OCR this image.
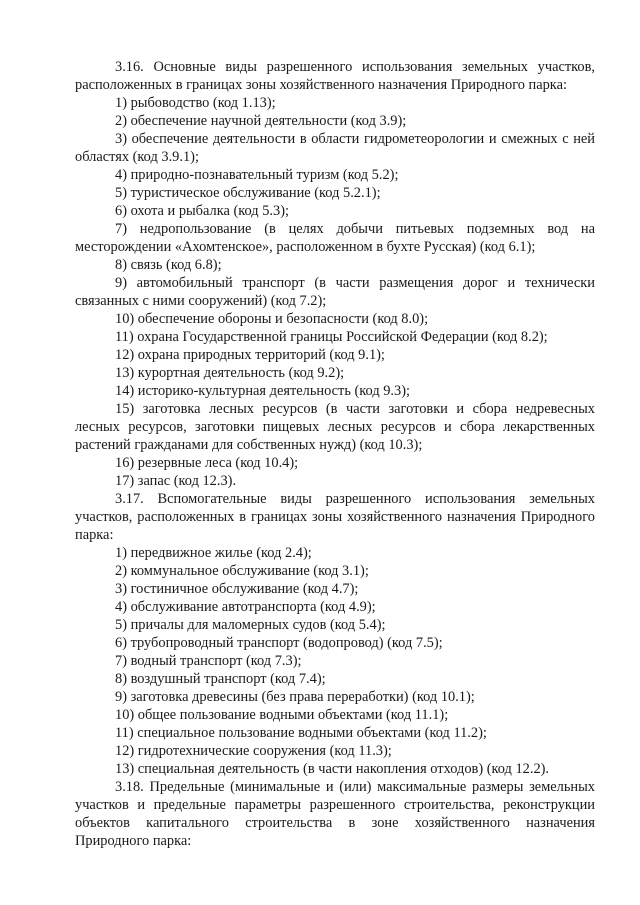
3.16. Основные виды разрешенного использования земельных участков, расположенных в границах зоны хозяйственного назначения Природного парка:

1) рыбоводство (код 1.13);

2) обеспечение научной деятельности (код 3.9);

3) обеспечение деятельности в области гидрометеорологии и смежных с ней областях (код 3.9.1);

4) природно-познавательный туризм (код 5.2);

5) туристическое обслуживание (код 5.2.1);

6) охота и рыбалка (код 5.3);

7) недропользование (в целях добычи питьевых подземных вод на месторождении «Ахомтенское», расположенном в бухте Русская) (код 6.1);

8) связь (код 6.8);

9) автомобильный транспорт (в части размещения дорог и технически связанных с ними сооружений) (код 7.2);

10) обеспечение обороны и безопасности (код 8.0);

11) охрана Государственной границы Российской Федерации (код 8.2);

12) охрана природных территорий (код 9.1);

13) курортная деятельность (код 9.2);

14) историко-культурная деятельность (код 9.3);

15) заготовка лесных ресурсов (в части заготовки и сбора недревесных лесных ресурсов, заготовки пищевых лесных ресурсов и сбора лекарственных растений гражданами для собственных нужд) (код 10.3);

16) резервные леса (код 10.4);

17) запас (код 12.3).

3.17. Вспомогательные виды разрешенного использования земельных участков, расположенных в границах зоны хозяйственного назначения Природного парка:

1) передвижное жилье (код 2.4);

2) коммунальное обслуживание (код 3.1);

3) гостиничное обслуживание (код 4.7);

4) обслуживание автотранспорта (код 4.9);

5) причалы для маломерных судов (код 5.4);

6) трубопроводный транспорт (водопровод) (код 7.5);

7) водный транспорт (код 7.3);

8) воздушный транспорт (код 7.4);

9) заготовка древесины (без права переработки) (код 10.1);

10) общее пользование водными объектами (код 11.1);

11) специальное пользование водными объектами (код 11.2);

12) гидротехнические сооружения (код 11.3);

13) специальная деятельность (в части накопления отходов) (код 12.2).

3.18. Предельные (минимальные и (или) максимальные размеры земельных участков и предельные параметры разрешенного строительства, реконструкции объектов капитального строительства в зоне хозяйственного назначения Природного парка:
